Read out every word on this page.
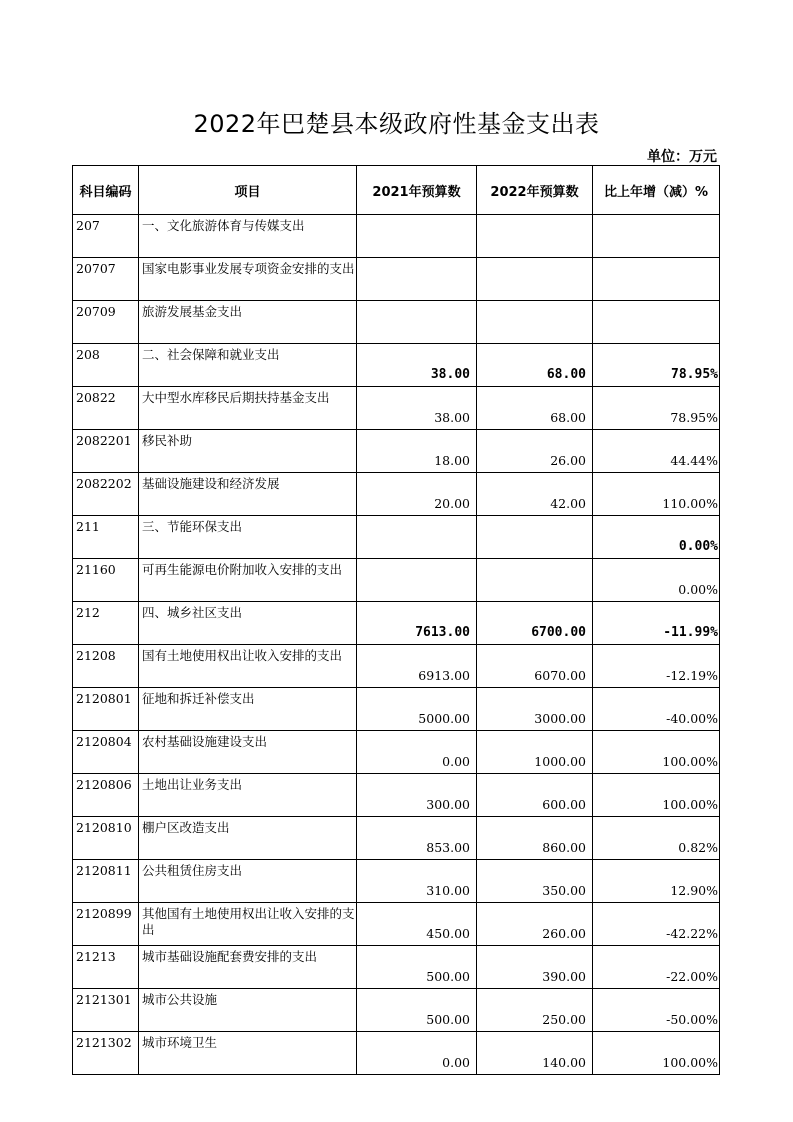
2022年巴楚县本级政府性基金支出表
单位：万元
科目编码	项目	2021年预算数	2022年预算数	比上年增（减）%
207	一、文化旅游体育与传媒支出			
20707	国家电影事业发展专项资金安排的支出			
20709	旅游发展基金支出			
208	二、社会保障和就业支出	38.00	68.00	78.95%
20822	大中型水库移民后期扶持基金支出	38.00	68.00	78.95%
2082201	移民补助	18.00	26.00	44.44%
2082202	基础设施建设和经济发展	20.00	42.00	110.00%
211	三、节能环保支出			0.00%
21160	可再生能源电价附加收入安排的支出			0.00%
212	四、城乡社区支出	7613.00	6700.00	-11.99%
21208	国有土地使用权出让收入安排的支出	6913.00	6070.00	-12.19%
2120801	征地和拆迁补偿支出	5000.00	3000.00	-40.00%
2120804	农村基础设施建设支出	0.00	1000.00	100.00%
2120806	土地出让业务支出	300.00	600.00	100.00%
2120810	棚户区改造支出	853.00	860.00	0.82%
2120811	公共租赁住房支出	310.00	350.00	12.90%
2120899	其他国有土地使用权出让收入安排的支出	450.00	260.00	-42.22%
21213	城市基础设施配套费安排的支出	500.00	390.00	-22.00%
2121301	城市公共设施	500.00	250.00	-50.00%
2121302	城市环境卫生	0.00	140.00	100.00%
